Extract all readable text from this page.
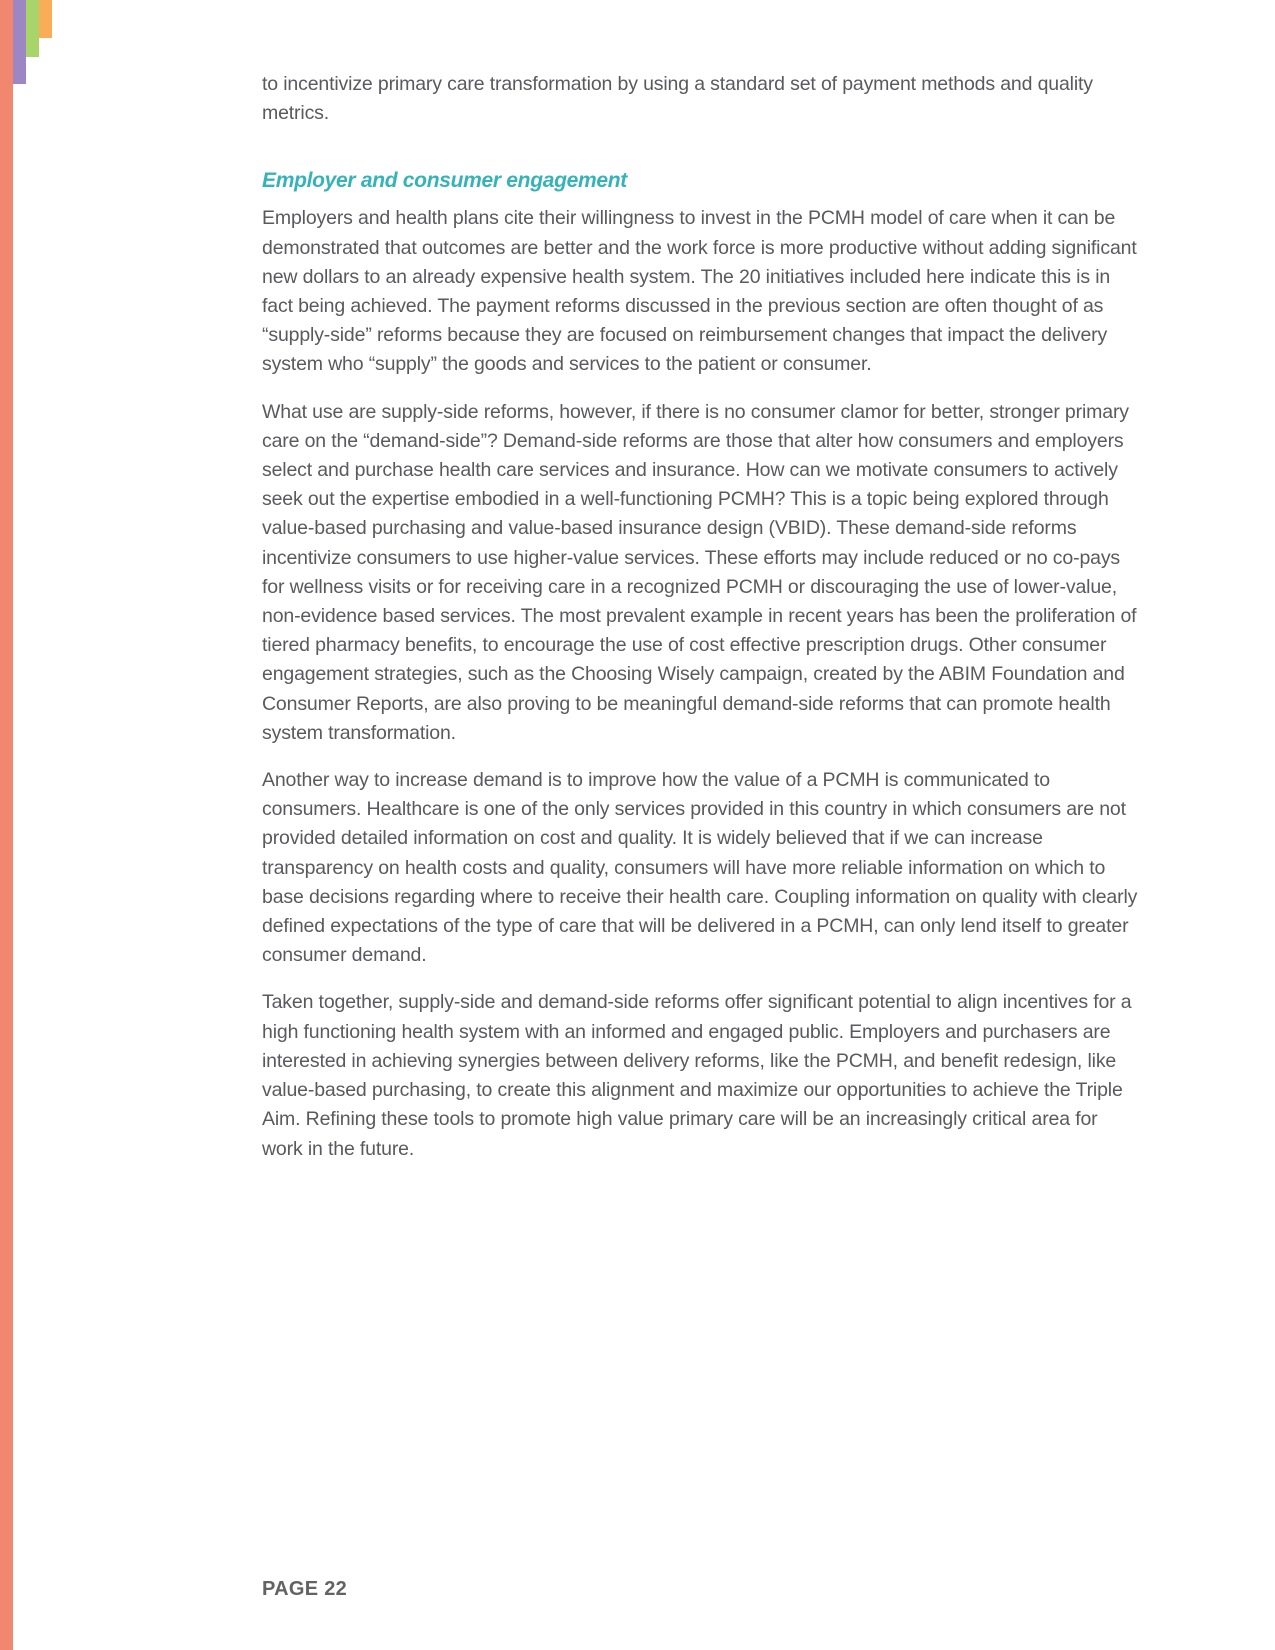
to incentivize primary care transformation by using a standard set of payment methods and quality metrics.

Employer and consumer engagement

Employers and health plans cite their willingness to invest in the PCMH model of care when it can be demonstrated that outcomes are better and the work force is more productive without adding significant new dollars to an already expensive health system. The 20 initiatives included here indicate this is in fact being achieved. The payment reforms discussed in the previous section are often thought of as “supply-side” reforms because they are focused on reimbursement changes that impact the delivery system who “supply” the goods and services to the patient or consumer.

What use are supply-side reforms, however, if there is no consumer clamor for better, stronger primary care on the “demand-side”? Demand-side reforms are those that alter how consumers and employers select and purchase health care services and insurance. How can we motivate consumers to actively seek out the expertise embodied in a well-functioning PCMH? This is a topic being explored through value-based purchasing and value-based insurance design (VBID). These demand-side reforms incentivize consumers to use higher-value services. These efforts may include reduced or no co-pays for wellness visits or for receiving care in a recognized PCMH or discouraging the use of lower-value, non-evidence based services. The most prevalent example in recent years has been the proliferation of tiered pharmacy benefits, to encourage the use of cost effective prescription drugs. Other consumer engagement strategies, such as the Choosing Wisely campaign, created by the ABIM Foundation and Consumer Reports, are also proving to be meaningful demand-side reforms that can promote health system transformation.

Another way to increase demand is to improve how the value of a PCMH is communicated to consumers. Healthcare is one of the only services provided in this country in which consumers are not provided detailed information on cost and quality. It is widely believed that if we can increase transparency on health costs and quality, consumers will have more reliable information on which to base decisions regarding where to receive their health care. Coupling information on quality with clearly defined expectations of the type of care that will be delivered in a PCMH, can only lend itself to greater consumer demand.

Taken together, supply-side and demand-side reforms offer significant potential to align incentives for a high functioning health system with an informed and engaged public. Employers and purchasers are interested in achieving synergies between delivery reforms, like the PCMH, and benefit redesign, like value-based purchasing, to create this alignment and maximize our opportunities to achieve the Triple Aim. Refining these tools to promote high value primary care will be an increasingly critical area for work in the future.

PAGE 22
